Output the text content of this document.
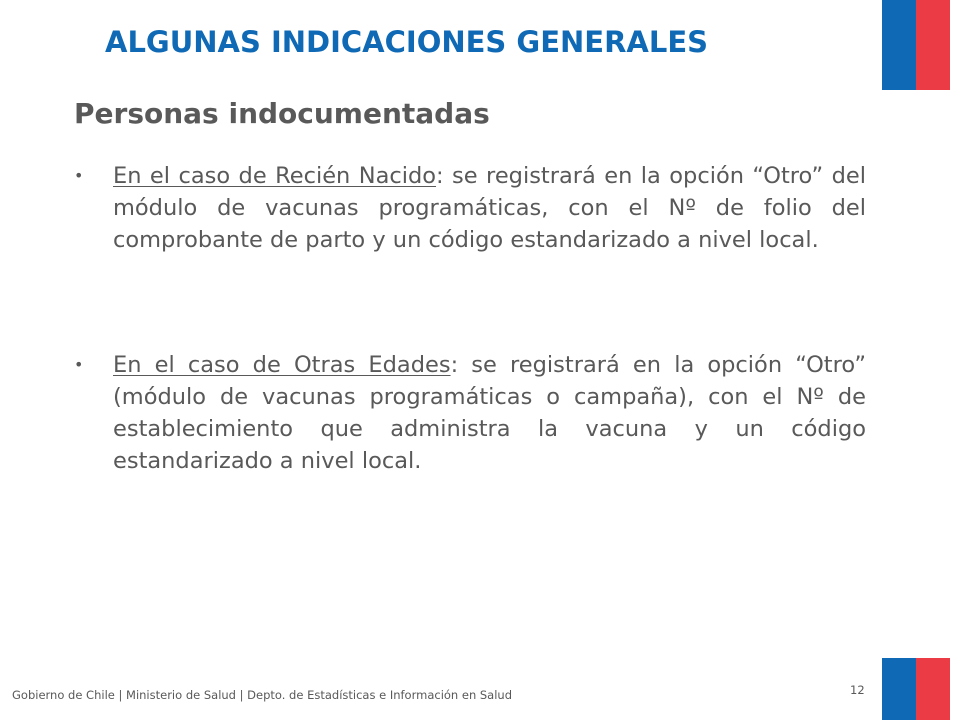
ALGUNAS INDICACIONES GENERALES
Personas indocumentadas
• En el caso de Recién Nacido: se registrará en la opción “Otro” del módulo de vacunas programáticas, con el Nº de folio del comprobante de parto y un código estandarizado a nivel local.
• En el caso de Otras Edades: se registrará en la opción “Otro” (módulo de vacunas programáticas o campaña), con el Nº de establecimiento que administra la vacuna y un código estandarizado a nivel local.
Gobierno de Chile | Ministerio de Salud | Depto. de Estadísticas e Información en Salud	12
